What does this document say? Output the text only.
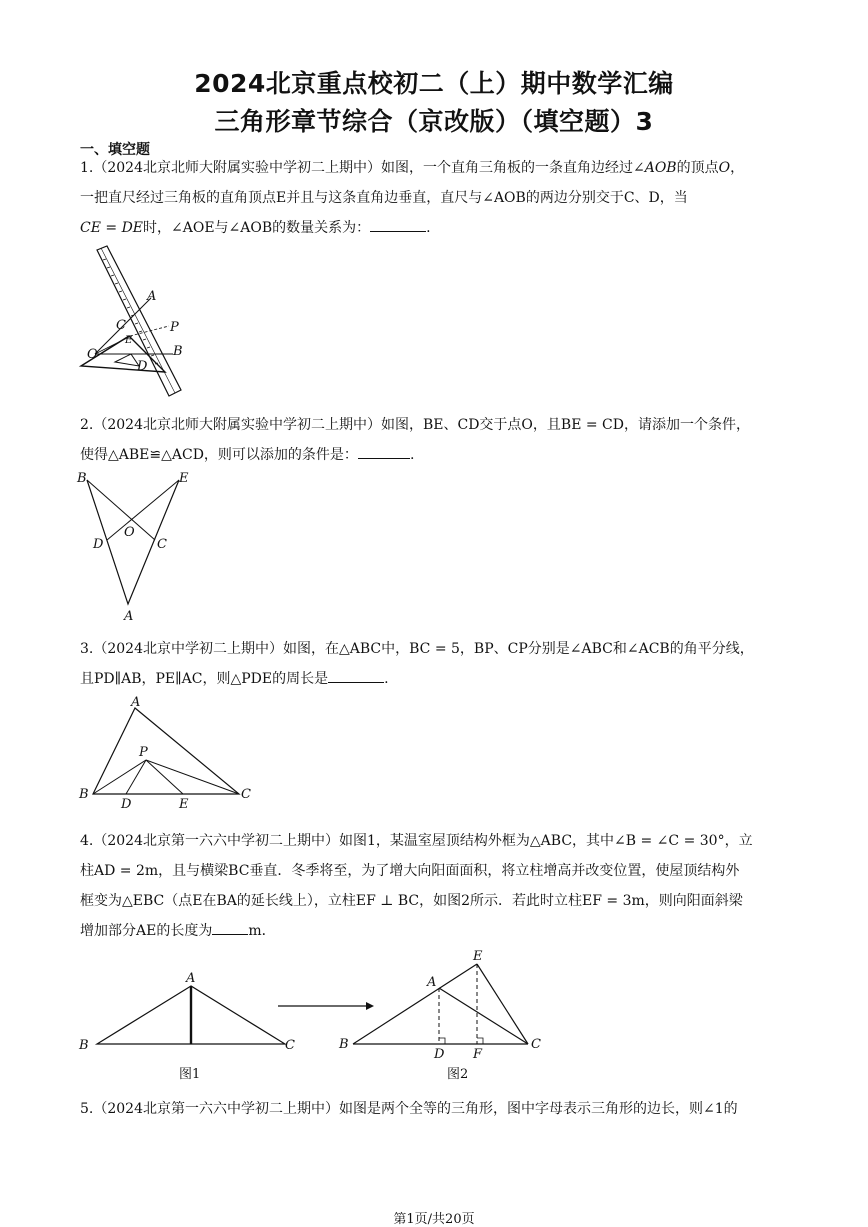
2024北京重点校初二（上）期中数学汇编
三角形章节综合（京改版）（填空题）3
一、填空题
1.（2024北京北师大附属实验中学初二上期中）如图，一个直角三角板的一条直角边经过∠AOB的顶点O，
一把直尺经过三角板的直角顶点E并且与这条直角边垂直，直尺与∠AOB的两边分别交于C、D，当
CE = DE时，∠AOE与∠AOB的数量关系为：	.
A
C	P
E
O	B
D
2.（2024北京北师大附属实验中学初二上期中）如图，BE、CD交于点O，且BE = CD，请添加一个条件，
使得△ABE≌△ACD，则可以添加的条件是：	.
B	E
O
D	C
A
3.（2024北京中学初二上期中）如图，在△ABC中，BC = 5，BP、CP分别是∠ABC和∠ACB的角平分线，
且PD∥AB，PE∥AC，则△PDE的周长是	.
A
P
B
D	E
C
4.（2024北京第一六六中学初二上期中）如图1，某温室屋顶结构外框为△ABC，其中∠B = ∠C = 30°，立
柱AD = 2m，且与横梁BC垂直．冬季将至，为了增大向阳面面积，将立柱增高并改变位置，使屋顶结构外
框变为△EBC（点E在BA的延长线上），立柱EF ⊥ BC，如图2所示．若此时立柱EF = 3m，则向阳面斜梁
增加部分AE的长度为	m．
A
B	C
图1
E
A
B
D F
C
图2
5.（2024北京第一六六中学初二上期中）如图是两个全等的三角形，图中字母表示三角形的边长，则∠1的
第1页/共20页
